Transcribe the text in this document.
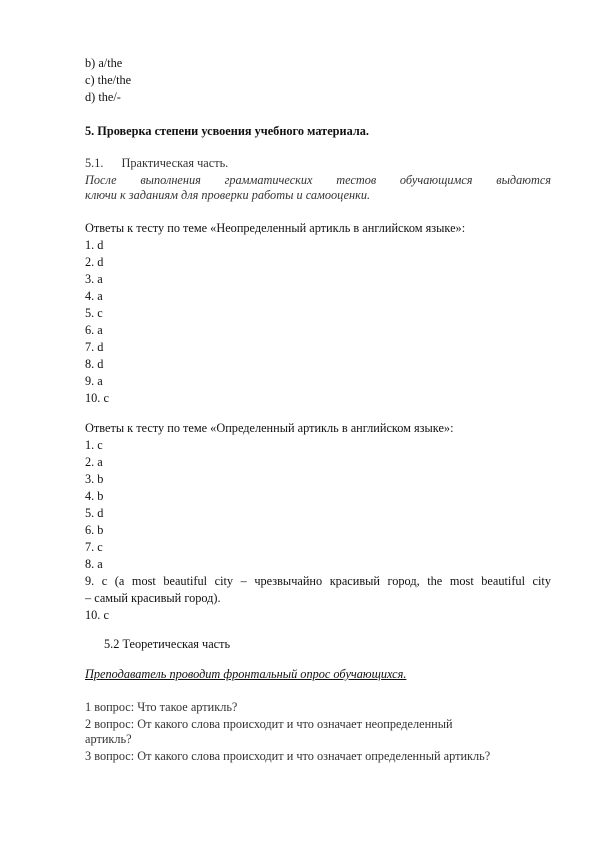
b) a/the
c) the/the
d) the/-
5. Проверка степени усвоения учебного материала.
5.1. Практическая часть.
После выполнения грамматических тестов обучающимся выдаются
ключи к заданиям для проверки работы и самооценки.
Ответы к тесту по теме «Неопределенный артикль в английском языке»:
1. d
2. d
3. a
4. a
5. c
6. a
7. d
8. d
9. a
10. c
Ответы к тесту по теме «Определенный артикль в английском языке»:
1. c
2. a
3. b
4. b
5. d
6. b
7. c
8. a
9. c (a most beautiful city – чрезвычайно красивый город, the most beautiful city
– самый красивый город).
10. c
5.2 Теоретическая часть
Преподаватель проводит фронтальный опрос обучающихся.
1 вопрос: Что такое артикль?
2 вопрос: От какого слова происходит и что означает неопределенный
артикль?
3 вопрос: От какого слова происходит и что означает определенный артикль?
